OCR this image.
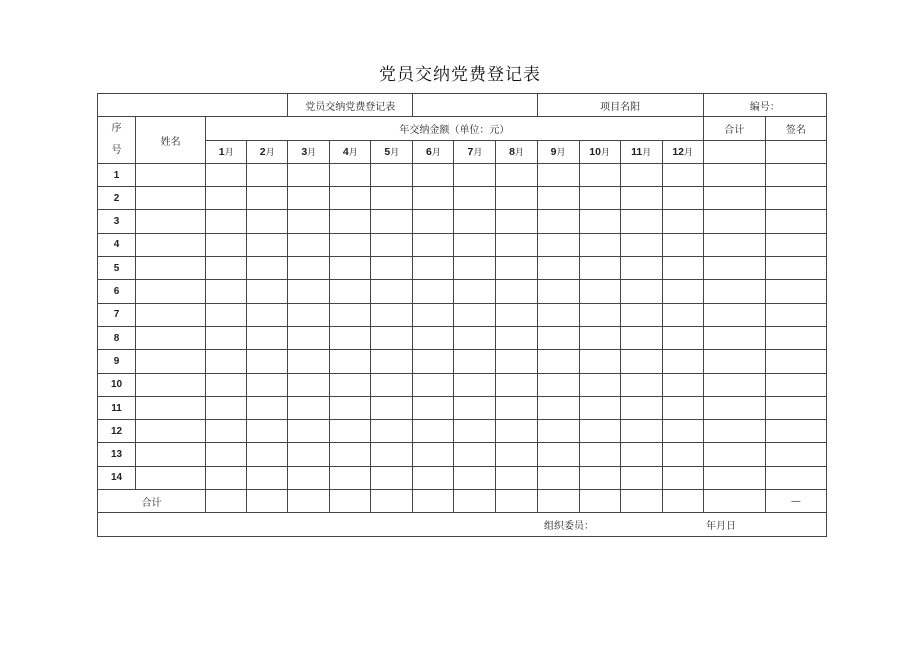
党员交纳党费登记表
				党员交纳党费登记表						项目名阳				编号：	

序
号	姓名	年交纳金额（单位：元）												合计	签名
		1月	2月	3月	4月	5月	6月	7月	8月	9月	10月	11月	12月		
1															
2															
3															
4															
5															
6															
7															
8															
9															
10															
11															
12															
13															
14															
合计															—

组织委员： 年月日															
